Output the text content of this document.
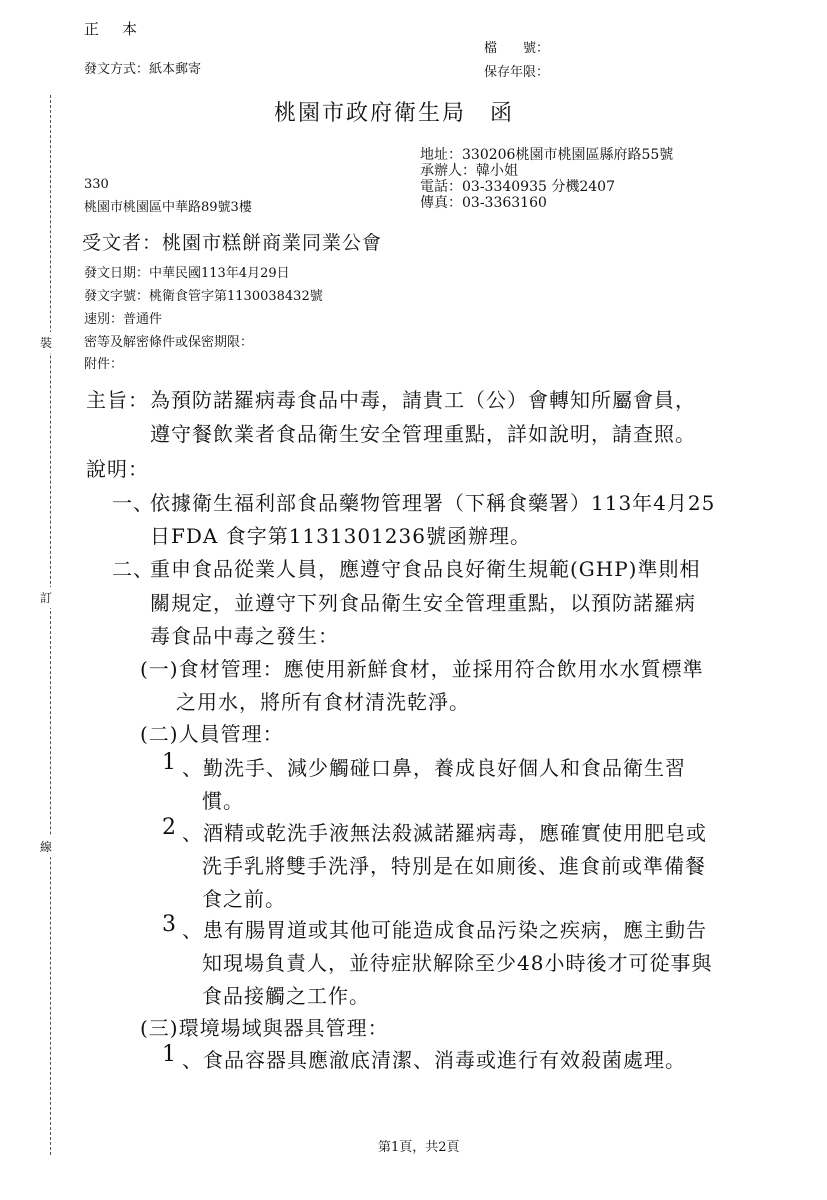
正　本
發文方式：紙本郵寄
檔　　號：
保存年限：
裝
訂
線
桃園市政府衛生局　函
地址：330206桃園市桃園區縣府路55號
承辦人：韓小姐
電話：03-3340935 分機2407
傳真：03-3363160
330
桃園市桃園區中華路89號3樓
受文者：桃園市糕餅商業同業公會
發文日期：中華民國113年4月29日
發文字號：桃衛食管字第1130038432號
速別：普通件
密等及解密條件或保密期限：
附件：
主旨： 為預防諾羅病毒食品中毒，請貴工（公）會轉知所屬會員，
遵守餐飲業者食品衛生安全管理重點，詳如說明，請查照。
說明：
一、
依據衛生福利部食品藥物管理署（下稱食藥署）113年4月25
日FDA 食字第1131301236號函辦理。
二、
重申食品從業人員，應遵守食品良好衛生規範(GHP)準則相
關規定，並遵守下列食品衛生安全管理重點，以預防諾羅病
毒食品中毒之發生：
(一)食材管理：應使用新鮮食材，並採用符合飲用水水質標準
之用水，將所有食材清洗乾淨。
(二)人員管理：
1 、勤洗手、減少觸碰口鼻，養成良好個人和食品衛生習
慣。
2 、酒精或乾洗手液無法殺滅諾羅病毒，應確實使用肥皂或
洗手乳將雙手洗淨，特別是在如廁後、進食前或準備餐
食之前。
3 、患有腸胃道或其他可能造成食品污染之疾病，應主動告
知現場負責人，並待症狀解除至少48小時後才可從事與
食品接觸之工作。
(三)環境場域與器具管理：
1 、食品容器具應澈底清潔、消毒或進行有效殺菌處理。
第1頁，共2頁
